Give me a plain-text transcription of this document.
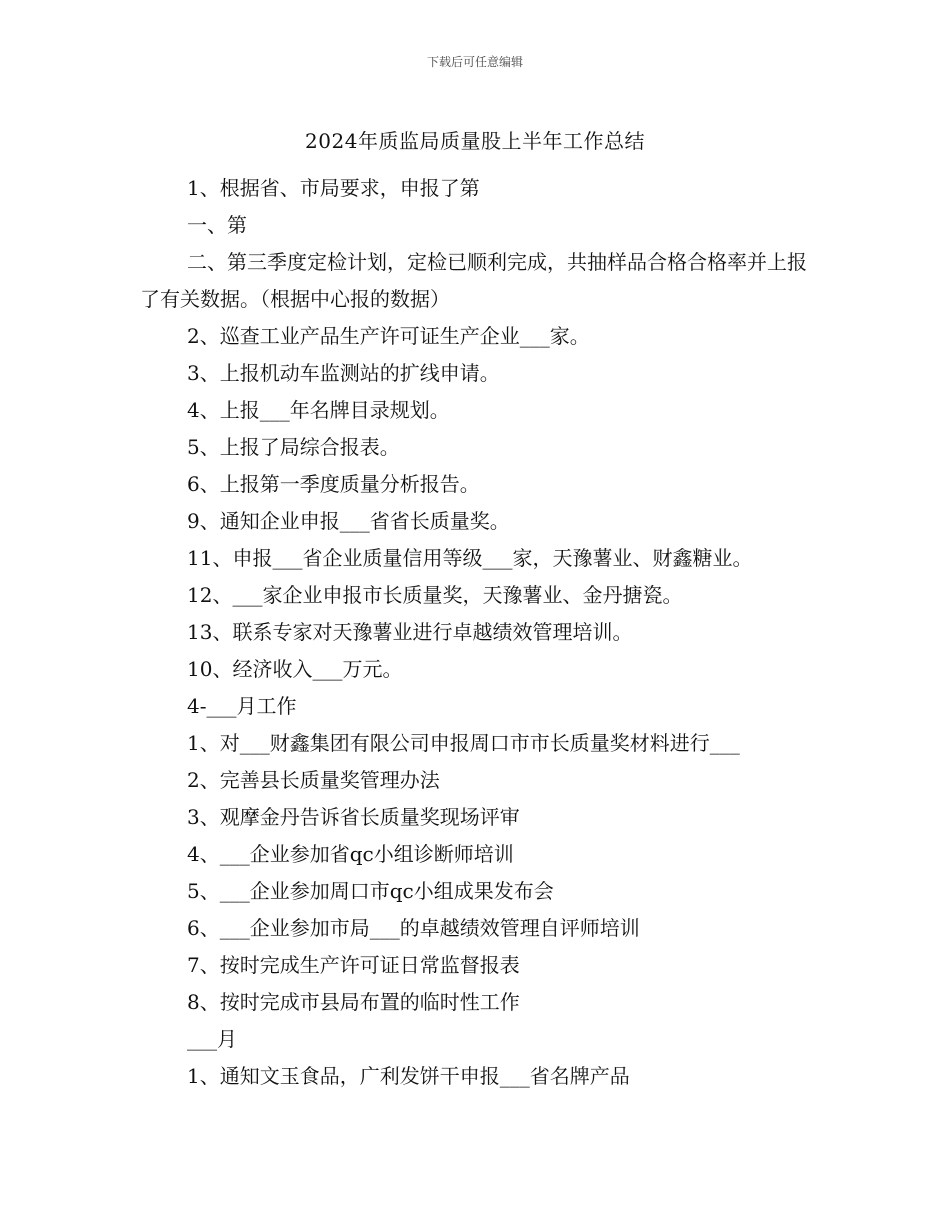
下载后可任意编辑
2024年质监局质量股上半年工作总结

1、根据省、市局要求，申报了第

一、第

二、第三季度定检计划，定检已顺利完成，共抽样品合格合格率并上报了有关数据。（根据中心报的数据）

2、巡查工业产品生产许可证生产企业___家。

3、上报机动车监测站的扩线申请。

4、上报___年名牌目录规划。

5、上报了局综合报表。

6、上报第一季度质量分析报告。

9、通知企业申报___省省长质量奖。

11、申报___省企业质量信用等级___家，天豫薯业、财鑫糖业。

12、___家企业申报市长质量奖，天豫薯业、金丹搪瓷。

13、联系专家对天豫薯业进行卓越绩效管理培训。

10、经济收入___万元。

4-___月工作

1、对___财鑫集团有限公司申报周口市市长质量奖材料进行___

2、完善县长质量奖管理办法

3、观摩金丹告诉省长质量奖现场评审

4、___企业参加省qc小组诊断师培训

5、___企业参加周口市qc小组成果发布会

6、___企业参加市局___的卓越绩效管理自评师培训

7、按时完成生产许可证日常监督报表

8、按时完成市县局布置的临时性工作

___月

1、通知文玉食品，广利发饼干申报___省名牌产品
